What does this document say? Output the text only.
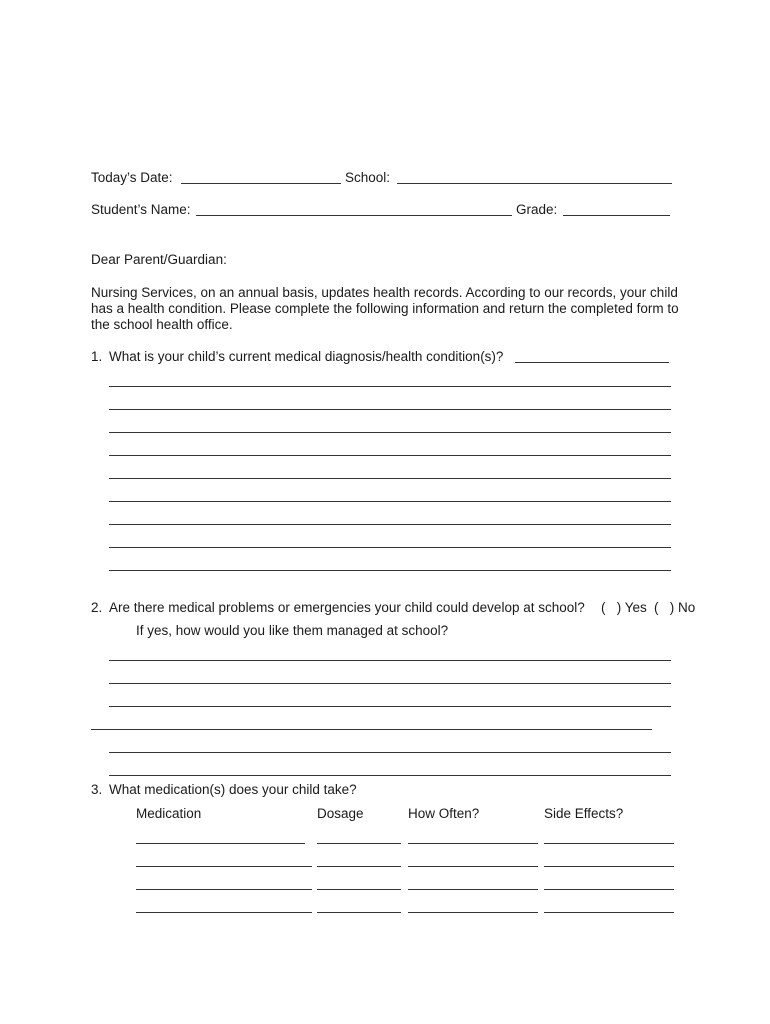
Today’s Date:	School:
Student’s Name:	Grade:
Dear Parent/Guardian:
Nursing Services, on an annual basis, updates health records. According to our records, your child has a health condition. Please complete the following information and return the completed form to the school health office.
1. What is your child’s current medical diagnosis/health condition(s)?
2. Are there medical problems or emergencies your child could develop at school? (   ) Yes (   ) No
If yes, how would you like them managed at school?
3. What medication(s) does your child take?
Medication	Dosage	How Often?	Side Effects?
